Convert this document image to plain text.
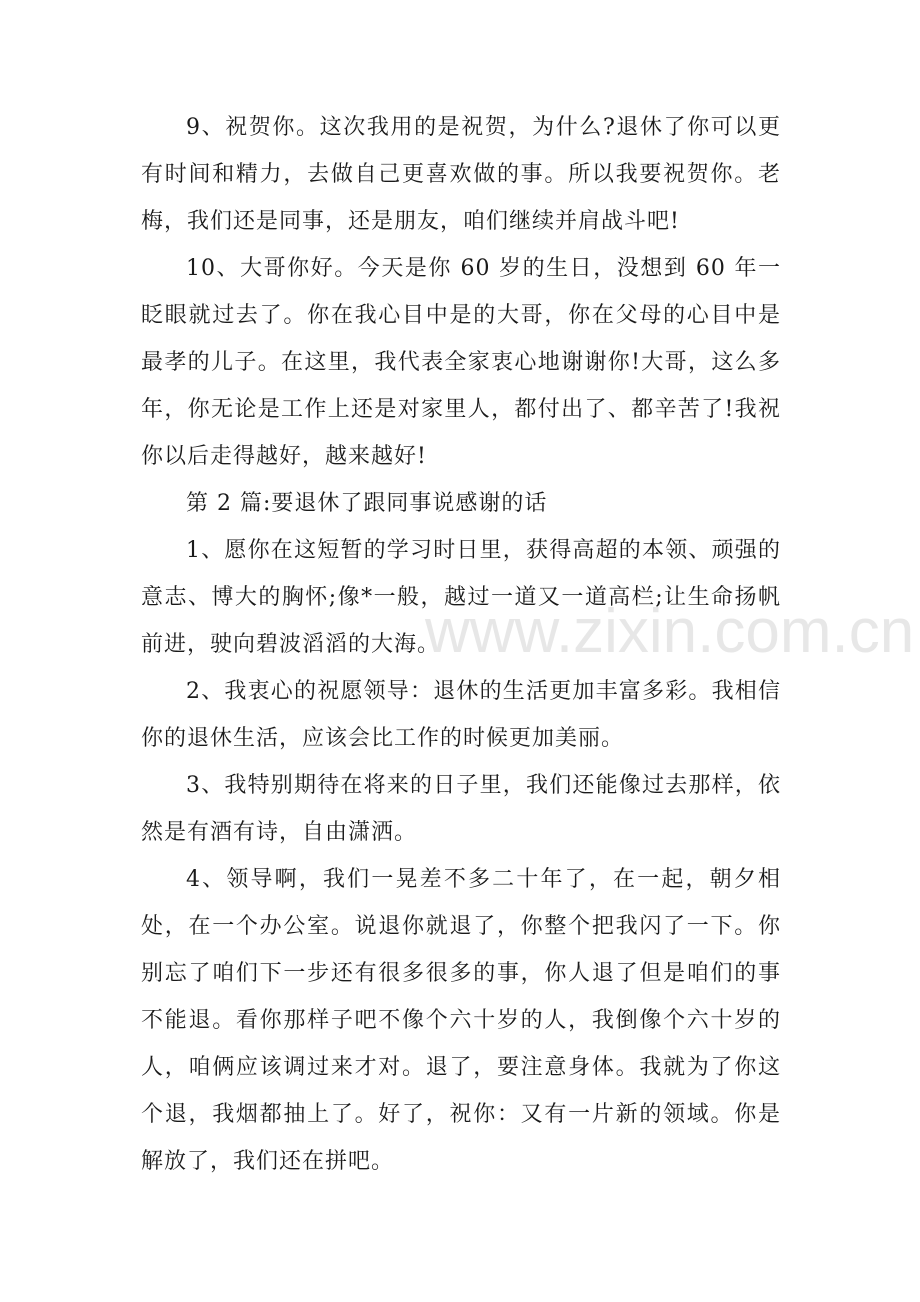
9、祝贺你。这次我用的是祝贺，为什么?退休了你可以更有时间和精力，去做自己更喜欢做的事。所以我要祝贺你。老梅，我们还是同事，还是朋友，咱们继续并肩战斗吧!

10、大哥你好。今天是你 60 岁的生日，没想到 60 年一眨眼就过去了。你在我心目中是的大哥，你在父母的心目中是最孝的儿子。在这里，我代表全家衷心地谢谢你!大哥，这么多年，你无论是工作上还是对家里人，都付出了、都辛苦了!我祝你以后走得越好，越来越好!

第 2 篇:要退休了跟同事说感谢的话

1、愿你在这短暂的学习时日里，获得高超的本领、顽强的意志、博大的胸怀;像*一般，越过一道又一道高栏;让生命扬帆前进，驶向碧波滔滔的大海。

2、我衷心的祝愿领导：退休的生活更加丰富多彩。我相信你的退休生活，应该会比工作的时候更加美丽。

3、我特别期待在将来的日子里，我们还能像过去那样，依然是有酒有诗，自由潇洒。

4、领导啊，我们一晃差不多二十年了，在一起，朝夕相处，在一个办公室。说退你就退了，你整个把我闪了一下。你别忘了咱们下一步还有很多很多的事，你人退了但是咱们的事不能退。看你那样子吧不像个六十岁的人，我倒像个六十岁的人，咱俩应该调过来才对。退了，要注意身体。我就为了你这个退，我烟都抽上了。好了，祝你：又有一片新的领域。你是解放了，我们还在拼吧。

www.zixin.com.cn
